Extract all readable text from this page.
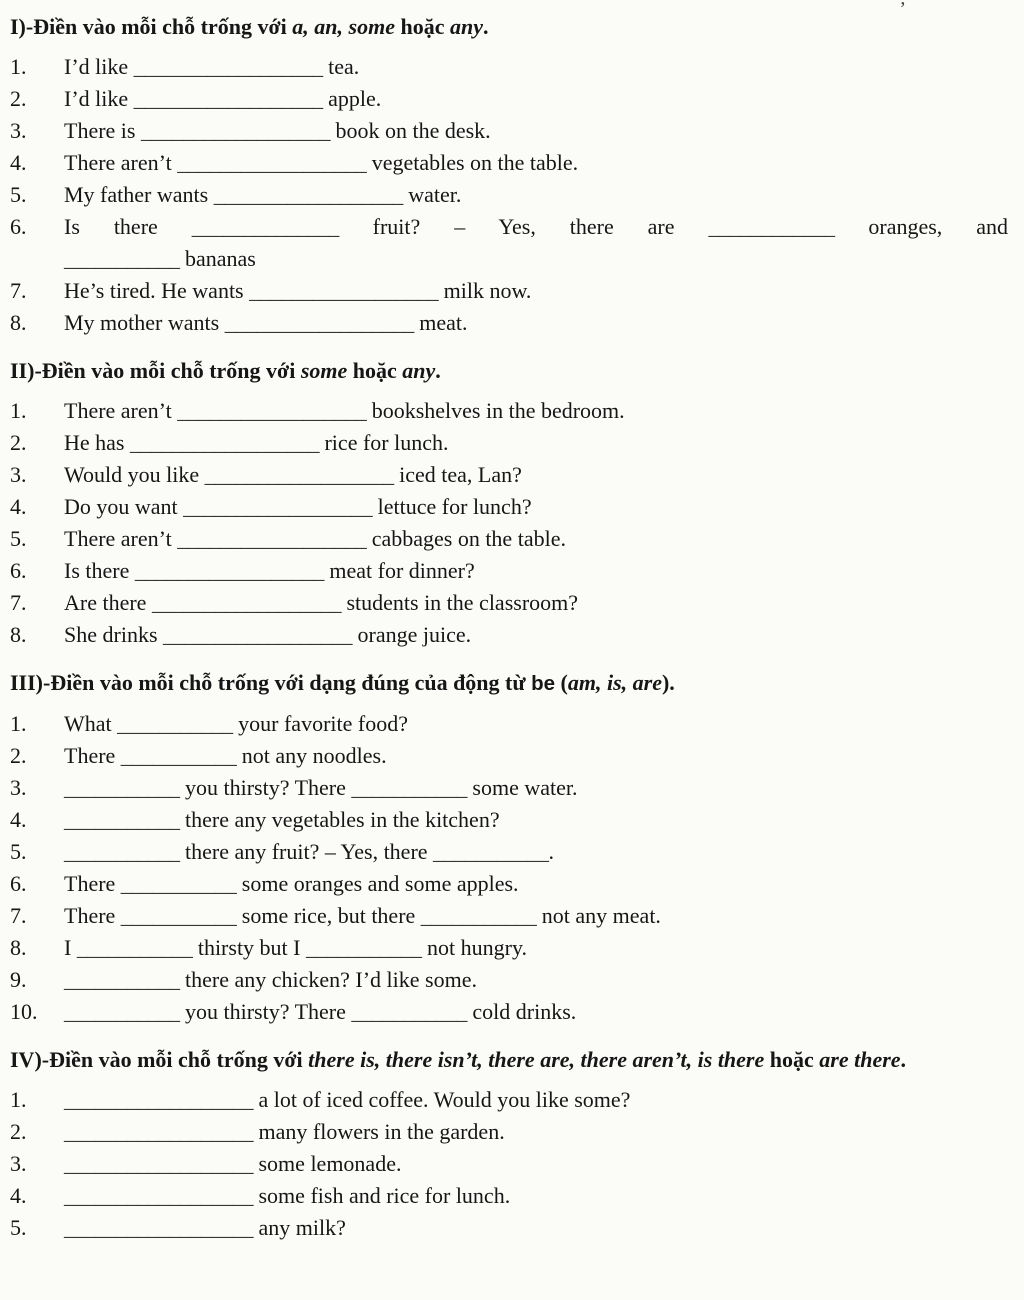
I)-Điền vào mỗi chỗ trống với a, an, some hoặc any.
1.	I’d like __________________ tea.
2.	I’d like __________________ apple.
3.	There is __________________ book on the desk.
4.	There aren’t __________________ vegetables on the table.
5.	My father wants __________________ water.
6.	Is there ______________ fruit? – Yes, there are ____________ oranges, and
___________ bananas
7.	He’s tired. He wants __________________ milk now.
8.	My mother wants __________________ meat.
II)-Điền vào mỗi chỗ trống với some hoặc any.
1.	There aren’t __________________ bookshelves in the bedroom.
2.	He has __________________ rice for lunch.
3.	Would you like __________________ iced tea, Lan?
4.	Do you want __________________ lettuce for lunch?
5.	There aren’t __________________ cabbages on the table.
6.	Is there __________________ meat for dinner?
7.	Are there __________________ students in the classroom?
8.	She drinks __________________ orange juice.
III)-Điền vào mỗi chỗ trống với dạng đúng của động từ be (am, is, are).
1.	What ___________ your favorite food?
2.	There ___________ not any noodles.
3.	___________ you thirsty? There ___________ some water.
4.	___________ there any vegetables in the kitchen?
5.	___________ there any fruit? – Yes, there ___________.
6.	There ___________ some oranges and some apples.
7.	There ___________ some rice, but there ___________ not any meat.
8.	I ___________ thirsty but I ___________ not hungry.
9.	___________ there any chicken? I’d like some.
10.	___________ you thirsty? There ___________ cold drinks.
IV)-Điền vào mỗi chỗ trống với there is, there isn’t, there are, there aren’t, is there hoặc are there.
1.	__________________ a lot of iced coffee. Would you like some?
2.	__________________ many flowers in the garden.
3.	__________________ some lemonade.
4.	__________________ some fish and rice for lunch.
5.	__________________ any milk?
’
